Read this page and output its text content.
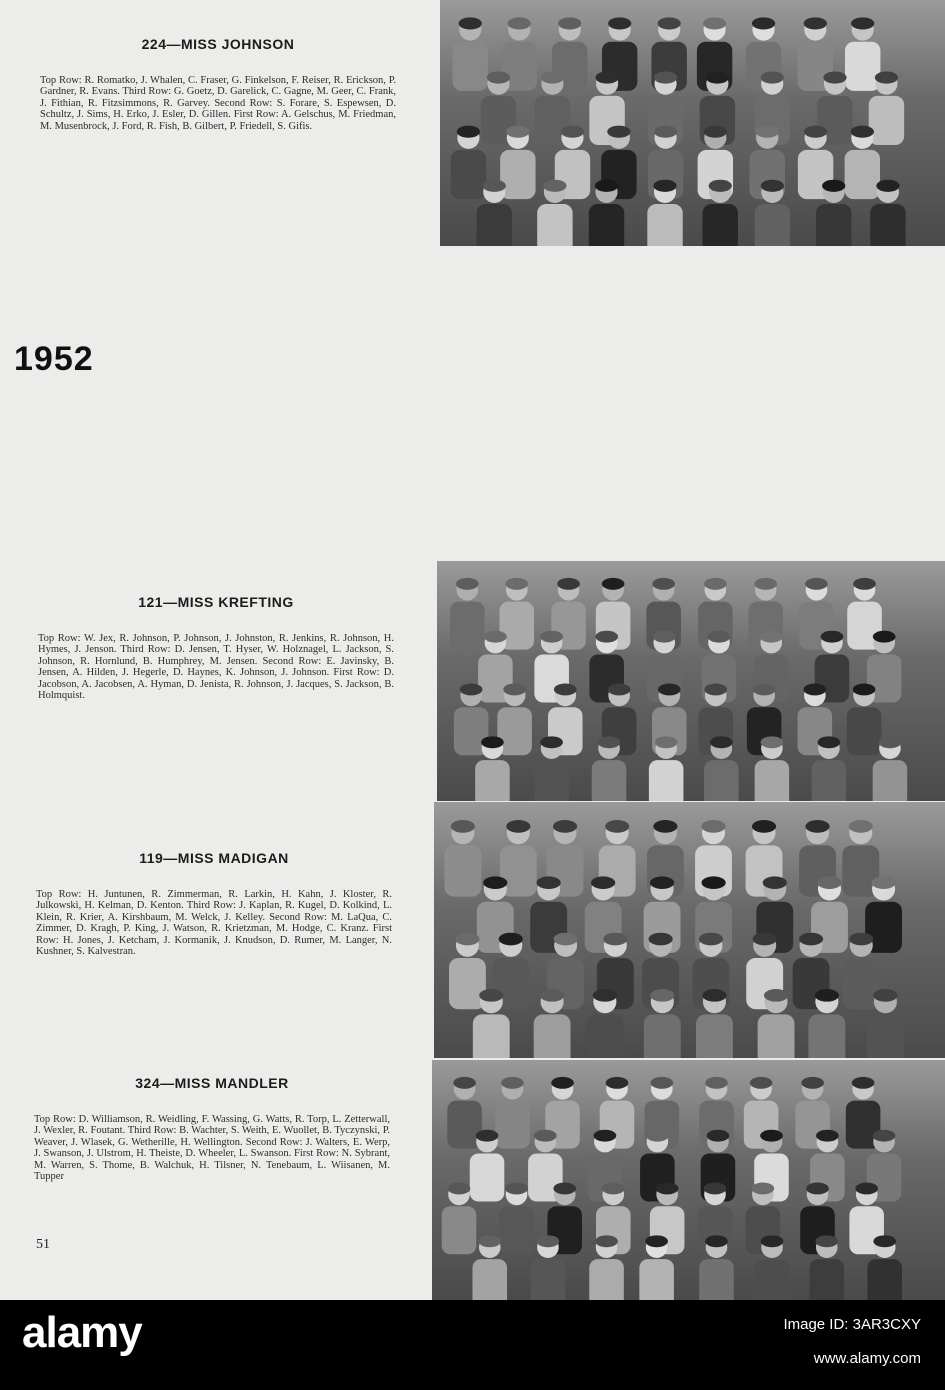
224—MISS JOHNSON
Top Row: R. Romatko, J. Whalen, C. Fraser, G. Finkelson, F. Reiser, R. Erickson, P. Gardner, R. Evans. Third Row: G. Goetz, D. Garelick, C. Gagne, M. Geer, C. Frank, J. Fithian, R. Fitzsimmons, R. Garvey. Second Row: S. Forare, S. Espewsen, D. Schultz, J. Sims, H. Erko, J. Esler, D. Gillen. First Row: A. Gelschus, M. Friedman, M. Musenbrock, J. Ford, R. Fish, B. Gilbert, P. Friedell, S. Gifis.
1952
121—MISS KREFTING
Top Row: W. Jex, R. Johnson, P. Johnson, J. Johnston, R. Jenkins, R. Johnson, H. Hymes, J. Jenson. Third Row: D. Jensen, T. Hyser, W. Holznagel, L. Jackson, S. Johnson, R. Hornlund, B. Humphrey, M. Jensen. Second Row: E. Javinsky, B. Jensen, A. Hilden, J. Hegerle, D. Haynes, K. Johnson, J. Johnson. First Row: D. Jacobson, A. Jacobsen, A. Hyman, D. Jenista, R. Johnson, J. Jacques, S. Jackson, B. Holmquist.
119—MISS MADIGAN
Top Row: H. Juntunen, R. Zimmerman, R. Larkin, H. Kahn, J. Kloster, R. Julkowski, H. Kelman, D. Kenton. Third Row: J. Kaplan, R. Kugel, D. Kolkind, L. Klein, R. Krier, A. Kirshbaum, M. Welck, J. Kelley. Second Row: M. LaQua, C. Zimmer, D. Kragh, P. King, J. Watson, R. Krietzman, M. Hodge, C. Kranz. First Row: H. Jones, J. Ketcham, J. Kormanik, J. Knudson, D. Rumer, M. Langer, N. Kushner, S. Kalvestran.
324—MISS MANDLER
Top Row: D. Williamson, R. Weidling, F. Wassing, G. Watts, R. Torp, L. Zetterwall, J. Wexler, R. Foutant. Third Row: B. Wachter, S. Weith, E. Wuollet, B. Tyczynski, P. Weaver, J. Wlasek, G. Wetherille, H. Wellington. Second Row: J. Walters, E. Werp, J. Swanson, J. Ulstrom, H. Theiste, D. Wheeler, L. Swanson. First Row: N. Sybrant, M. Warren, S. Thome, B. Walchuk, H. Tilsner, N. Tenebaum, L. Wiisanen, M. Tupper
51
alamy	Image ID: 3AR3CXY
www.alamy.com
